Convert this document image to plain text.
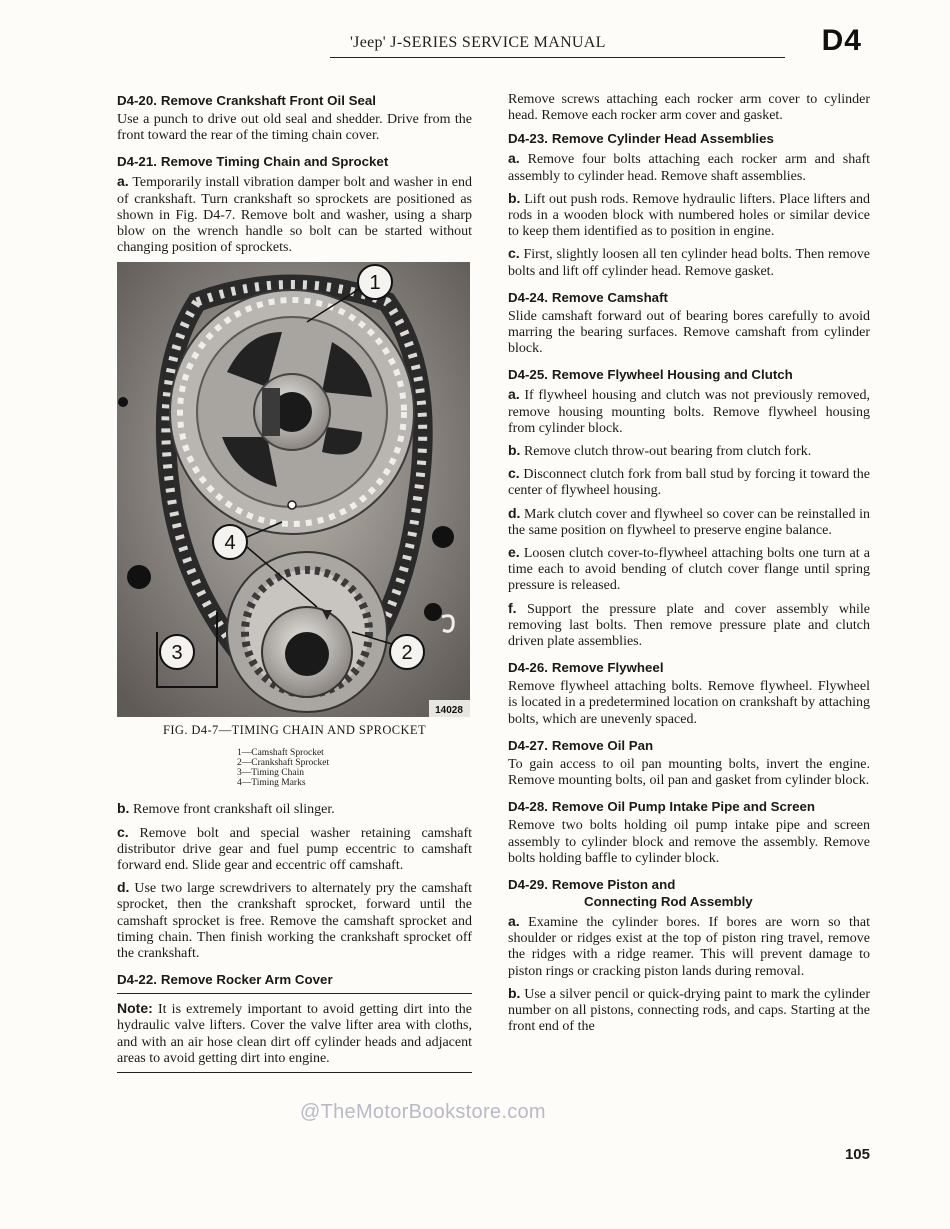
'Jeep' J-SERIES SERVICE MANUAL	D4
D4-20. Remove Crankshaft Front Oil Seal

Use a punch to drive out old seal and shedder. Drive from the front toward the rear of the timing chain cover.

D4-21. Remove Timing Chain and Sprocket

a. Temporarily install vibration damper bolt and washer in end of crankshaft. Turn crankshaft so sprockets are positioned as shown in Fig. D4-7. Remove bolt and washer, using a sharp blow on the wrench handle so bolt can be started without changing position of sprockets.

14028
1
2
3
4
FIG. D4-7—TIMING CHAIN AND SPROCKET
1—Camshaft Sprocket
2—Crankshaft Sprocket
3—Timing Chain
4—Timing Marks

b. Remove front crankshaft oil slinger.

c. Remove bolt and special washer retaining camshaft distributor drive gear and fuel pump eccentric to camshaft forward end. Slide gear and eccentric off camshaft.

d. Use two large screwdrivers to alternately pry the camshaft sprocket, then the crankshaft sprocket, forward until the camshaft sprocket is free. Remove the camshaft sprocket and timing chain. Then finish working the crankshaft sprocket off the crankshaft.

D4-22. Remove Rocker Arm Cover

Note: It is extremely important to avoid getting dirt into the hydraulic valve lifters. Cover the valve lifter area with cloths, and with an air hose clean dirt off cylinder heads and adjacent areas to avoid getting dirt into engine.

Remove screws attaching each rocker arm cover to cylinder head. Remove each rocker arm cover and gasket.

D4-23. Remove Cylinder Head Assemblies

a. Remove four bolts attaching each rocker arm and shaft assembly to cylinder head. Remove shaft assemblies.

b. Lift out push rods. Remove hydraulic lifters. Place lifters and rods in a wooden block with numbered holes or similar device to keep them identified as to position in engine.

c. First, slightly loosen all ten cylinder head bolts. Then remove bolts and lift off cylinder head. Remove gasket.

D4-24. Remove Camshaft

Slide camshaft forward out of bearing bores carefully to avoid marring the bearing surfaces. Remove camshaft from cylinder block.

D4-25. Remove Flywheel Housing and Clutch

a. If flywheel housing and clutch was not previously removed, remove housing mounting bolts. Remove flywheel housing from cylinder block.

b. Remove clutch throw-out bearing from clutch fork.

c. Disconnect clutch fork from ball stud by forcing it toward the center of flywheel housing.

d. Mark clutch cover and flywheel so cover can be reinstalled in the same position on flywheel to preserve engine balance.

e. Loosen clutch cover-to-flywheel attaching bolts one turn at a time each to avoid bending of clutch cover flange until spring pressure is released.

f. Support the pressure plate and cover assembly while removing last bolts. Then remove pressure plate and clutch driven plate assemblies.

D4-26. Remove Flywheel

Remove flywheel attaching bolts. Remove flywheel. Flywheel is located in a predetermined location on crankshaft by attaching bolts, which are unevenly spaced.

D4-27. Remove Oil Pan

To gain access to oil pan mounting bolts, invert the engine. Remove mounting bolts, oil pan and gasket from cylinder block.

D4-28. Remove Oil Pump Intake Pipe and Screen

Remove two bolts holding oil pump intake pipe and screen assembly to cylinder block and remove the assembly. Remove bolts holding baffle to cylinder block.

D4-29. Remove Piston and
Connecting Rod Assembly

a. Examine the cylinder bores. If bores are worn so that shoulder or ridges exist at the top of piston ring travel, remove the ridges with a ridge reamer. This will prevent damage to piston rings or cracking piston lands during removal.

b. Use a silver pencil or quick-drying paint to mark the cylinder number on all pistons, connecting rods, and caps. Starting at the front end of the

@TheMotorBookstore.com
105
